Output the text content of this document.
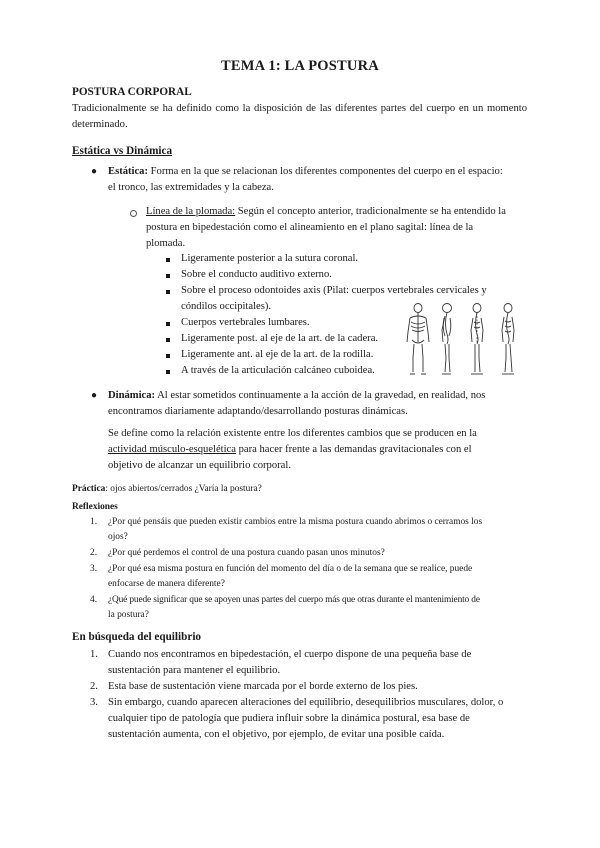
TEMA 1: LA POSTURA
POSTURA CORPORAL
Tradicionalmente se ha definido como la disposición de las diferentes partes del cuerpo en un momento determinado.
Estática vs Dinámica
● Estática: Forma en la que se relacionan los diferentes componentes del cuerpo en el espacio:
el tronco, las extremidades y la cabeza.
Línea de la plomada: Según el concepto anterior, tradicionalmente se ha entendido la
postura en bipedestación como el alineamiento en el plano sagital: línea de la
plomada.
Ligeramente posterior a la sutura coronal.
Sobre el conducto auditivo externo.
Sobre el proceso odontoides axis (Pilat: cuerpos vertebrales cervicales y
cóndilos occipitales).
Cuerpos vertebrales lumbares.
Ligeramente post. al eje de la art. de la cadera.
Ligeramente ant. al eje de la art. de la rodilla.
A través de la articulación calcáneo cuboidea.
● Dinámica: Al estar sometidos continuamente a la acción de la gravedad, en realidad, nos
encontramos diariamente adaptando/desarrollando posturas dinámicas.
Se define como la relación existente entre los diferentes cambios que se producen en la
actividad músculo-esquelética para hacer frente a las demandas gravitacionales con el
objetivo de alcanzar un equilibrio corporal.
Práctica: ojos abiertos/cerrados ¿Varía la postura?
Reflexiones
1. ¿Por qué pensáis que pueden existir cambios entre la misma postura cuando abrimos o cerramos los
ojos?
2. ¿Por qué perdemos el control de una postura cuando pasan unos minutos?
3. ¿Por qué esa misma postura en función del momento del día o de la semana que se realice, puede
enfocarse de manera diferente?
4. ¿Qué puede significar que se apoyen unas partes del cuerpo más que otras durante el mantenimiento de
la postura?
En búsqueda del equilibrio
1. Cuando nos encontramos en bipedestación, el cuerpo dispone de una pequeña base de
sustentación para mantener el equilibrio.
2. Esta base de sustentación viene marcada por el borde externo de los pies.
3. Sin embargo, cuando aparecen alteraciones del equilibrio, desequilibrios musculares, dolor, o
cualquier tipo de patología que pudiera influir sobre la dinámica postural, esa base de
sustentación aumenta, con el objetivo, por ejemplo, de evitar una posible caída.
